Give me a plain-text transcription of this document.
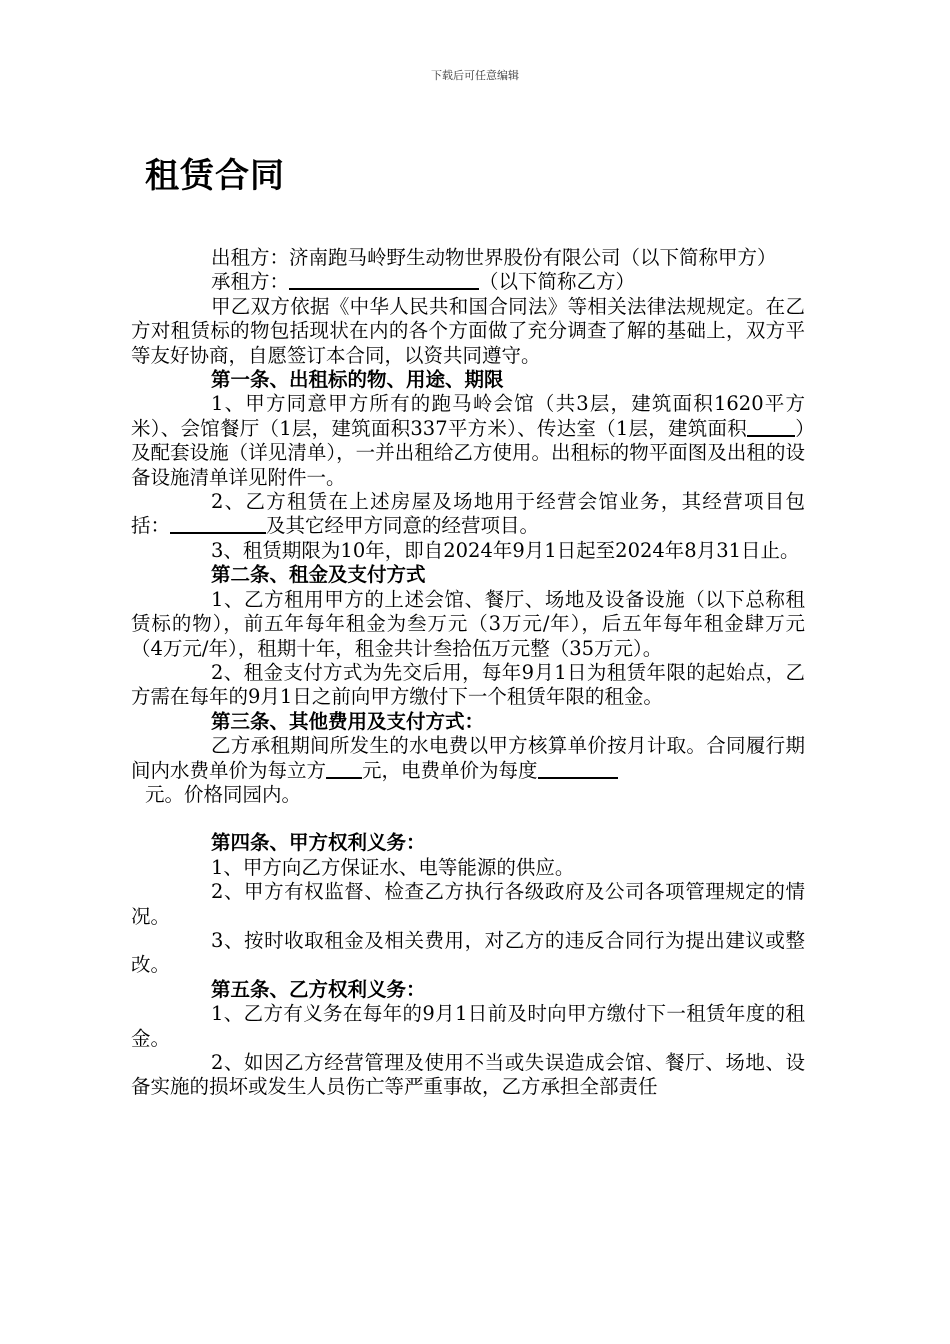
下载后可任意编辑
租赁合同

出租方：济南跑马岭野生动物世界股份有限公司（以下简称甲方）

承租方：	（以下简称乙方）

甲乙双方依据《中华人民共和国合同法》等相关法律法规规定。在乙方对租赁标的物包括现状在内的各个方面做了充分调查了解的基础上，双方平等友好协商，自愿签订本合同，以资共同遵守。

第一条、出租标的物、用途、期限

1、甲方同意甲方所有的跑马岭会馆（共3层，建筑面积1620平方米）、会馆餐厅（1层，建筑面积337平方米）、传达室（1层，建筑面积 ）及配套设施（详见清单），一并出租给乙方使用。出租标的物平面图及出租的设备设施清单详见附件一。

2、乙方租赁在上述房屋及场地用于经营会馆业务，其经营项目包括：	及其它经甲方同意的经营项目。

3、租赁期限为10年，即自2024年9月1日起至2024年8月31日止。

第二条、租金及支付方式

1、乙方租用甲方的上述会馆、餐厅、场地及设备设施（以下总称租赁标的物），前五年每年租金为叁万元（3万元/年），后五年每年租金肆万元（4万元/年），租期十年，租金共计叁拾伍万元整（35万元）。

2、租金支付方式为先交后用，每年9月1日为租赁年限的起始点，乙方需在每年的9月1日之前向甲方缴付下一个租赁年限的租金。

第三条、其他费用及支付方式：

乙方承租期间所发生的水电费以甲方核算单价按月计取。合同履行期间内水费单价为每立方 元，电费单价为每度
元。价格同园内。

第四条、甲方权利义务：

1、甲方向乙方保证水、电等能源的供应。

2、甲方有权监督、检查乙方执行各级政府及公司各项管理规定的情况。

3、按时收取租金及相关费用，对乙方的违反合同行为提出建议或整改。

第五条、乙方权利义务：

1、乙方有义务在每年的9月1日前及时向甲方缴付下一租赁年度的租金。

2、如因乙方经营管理及使用不当或失误造成会馆、餐厅、场地、设备实施的损坏或发生人员伤亡等严重事故，乙方承担全部责任
